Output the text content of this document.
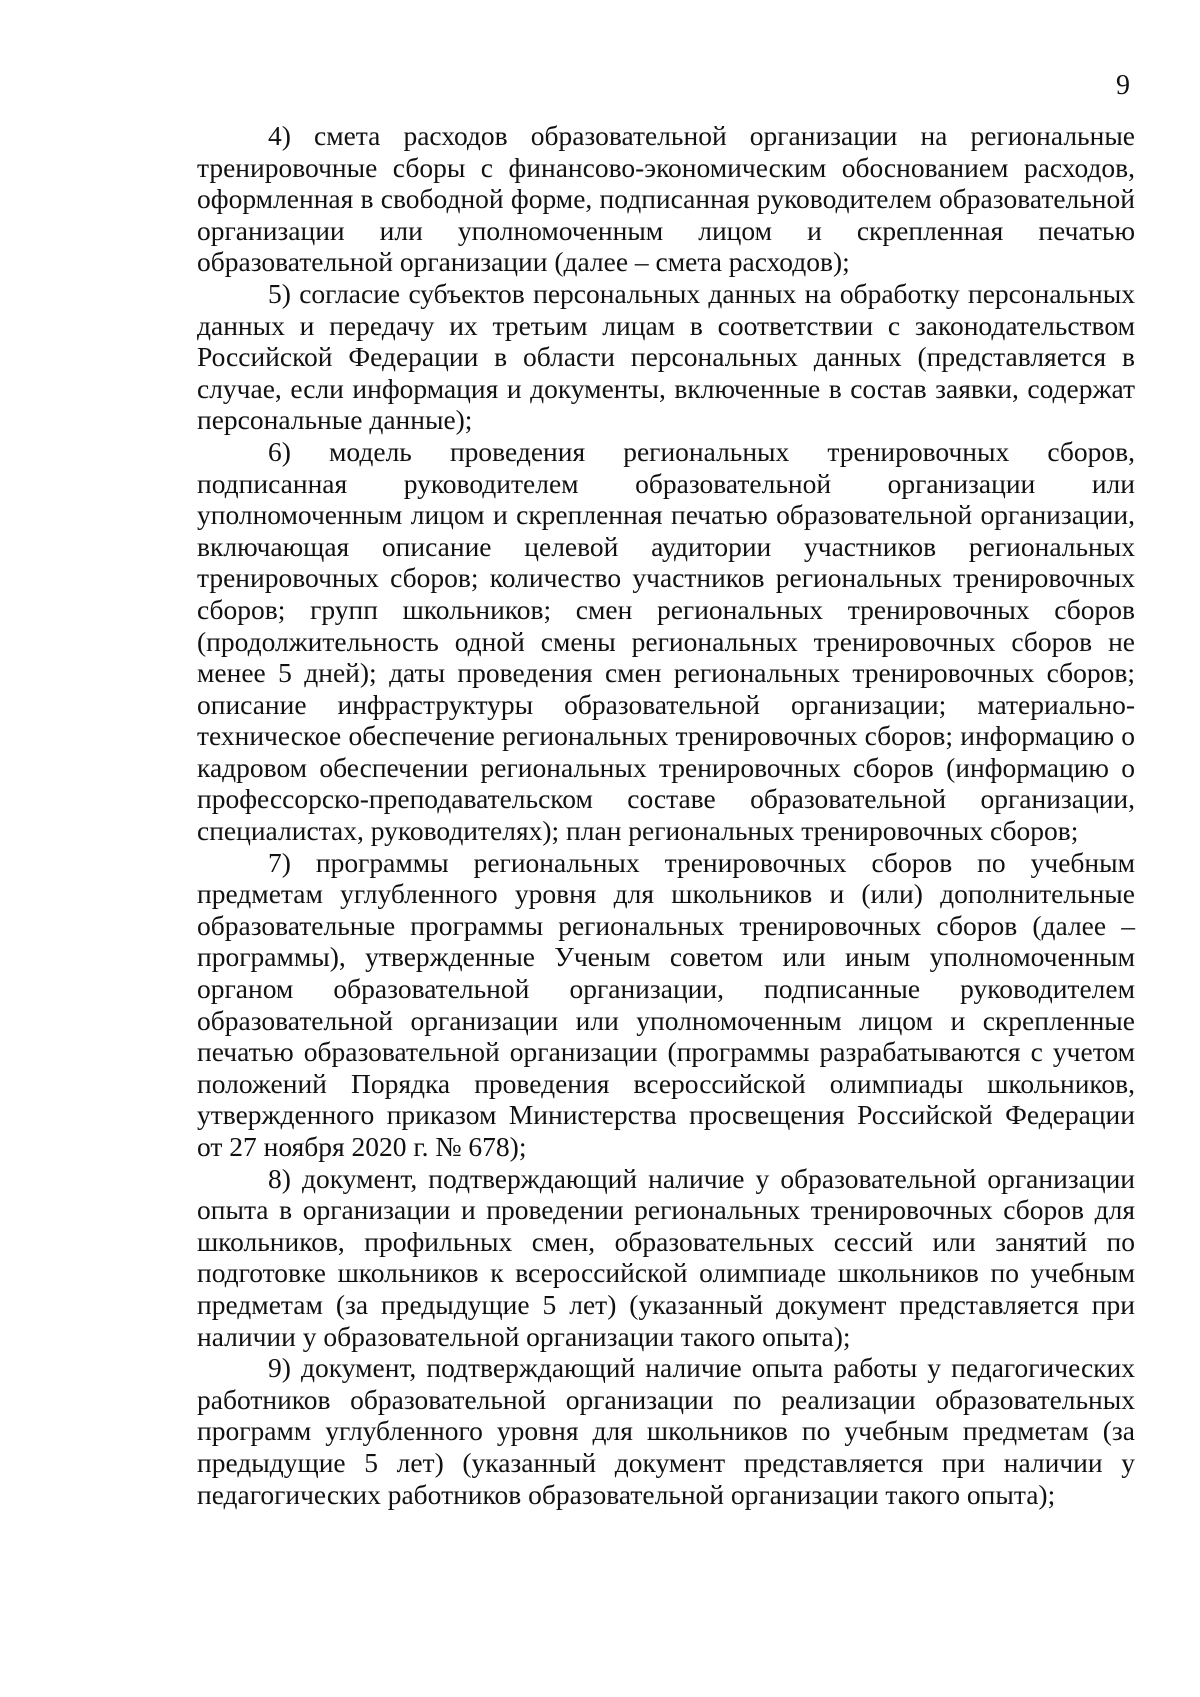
9

4) смета расходов образовательной организации на региональные тренировочные сборы с финансово-экономическим обоснованием расходов, оформленная в свободной форме, подписанная руководителем образовательной организации или уполномоченным лицом и скрепленная печатью образовательной организации (далее – смета расходов);

5) согласие субъектов персональных данных на обработку персональных данных и передачу их третьим лицам в соответствии с законодательством Российской Федерации в области персональных данных (представляется в случае, если информация и документы, включенные в состав заявки, содержат персональные данные);

6) модель проведения региональных тренировочных сборов, подписанная руководителем образовательной организации или уполномоченным лицом и скрепленная печатью образовательной организации, включающая описание целевой аудитории участников региональных тренировочных сборов; количество участников региональных тренировочных сборов; групп школьников; смен региональных тренировочных сборов (продолжительность одной смены региональных тренировочных сборов не менее 5 дней); даты проведения смен региональных тренировочных сборов; описание инфраструктуры образовательной организации; материально-техническое обеспечение региональных тренировочных сборов; информацию о кадровом обеспечении региональных тренировочных сборов (информацию о профессорско-преподавательском составе образовательной организации, специалистах, руководителях); план региональных тренировочных сборов;

7) программы региональных тренировочных сборов по учебным предметам углубленного уровня для школьников и (или) дополнительные образовательные программы региональных тренировочных сборов (далее – программы), утвержденные Ученым советом или иным уполномоченным органом образовательной организации, подписанные руководителем образовательной организации или уполномоченным лицом и скрепленные печатью образовательной организации (программы разрабатываются с учетом положений Порядка проведения всероссийской олимпиады школьников, утвержденного приказом Министерства просвещения Российской Федерации от 27 ноября 2020 г. № 678);

8) документ, подтверждающий наличие у образовательной организации опыта в организации и проведении региональных тренировочных сборов для школьников, профильных смен, образовательных сессий или занятий по подготовке школьников к всероссийской олимпиаде школьников по учебным предметам (за предыдущие 5 лет) (указанный документ представляется при наличии у образовательной организации такого опыта);

9) документ, подтверждающий наличие опыта работы у педагогических работников образовательной организации по реализации образовательных программ углубленного уровня для школьников по учебным предметам (за предыдущие 5 лет) (указанный документ представляется при наличии у педагогических работников образовательной организации такого опыта);
